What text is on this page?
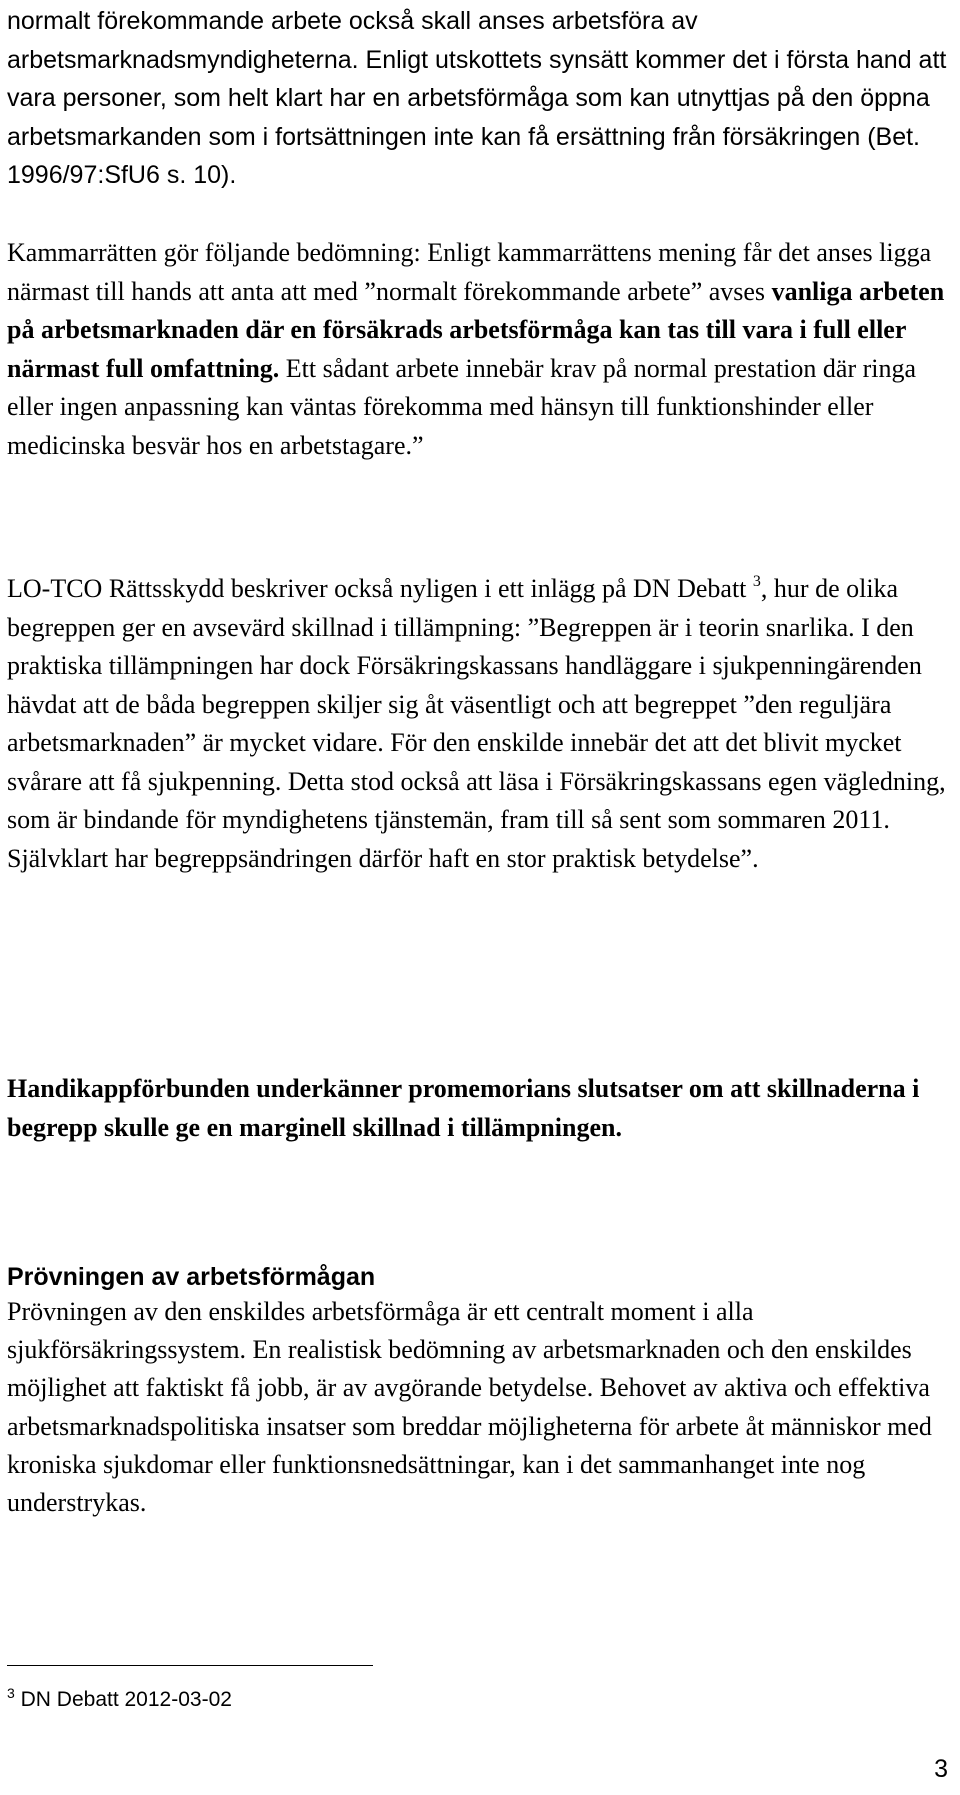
normalt förekommande arbete också skall anses arbetsföra av arbetsmarknadsmyndigheterna. Enligt utskottets synsätt kommer det i första hand att vara personer, som helt klart har en arbetsförmåga som kan utnyttjas på den öppna arbetsmarkanden som i fortsättningen inte kan få ersättning från försäkringen (Bet. 1996/97:SfU6 s. 10).

Kammarrätten gör följande bedömning: Enligt kammarrättens mening får det anses ligga närmast till hands att anta att med ”normalt förekommande arbete” avses vanliga arbeten på arbetsmarknaden där en försäkrads arbetsförmåga kan tas till vara i full eller närmast full omfattning. Ett sådant arbete innebär krav på normal prestation där ringa eller ingen anpassning kan väntas förekomma med hänsyn till funktionshinder eller medicinska besvär hos en arbetstagare.”

LO-TCO Rättsskydd beskriver också nyligen i ett inlägg på DN Debatt $^3$, hur de olika begreppen ger en avsevärd skillnad i tillämpning: ”Begreppen är i teorin snarlika. I den praktiska tillämpningen har dock Försäkringskassans handläggare i sjukpenningärenden hävdat att de båda begreppen skiljer sig åt väsentligt och att begreppet ”den reguljära arbetsmarknaden” är mycket vidare. För den enskilde innebär det att det blivit mycket svårare att få sjukpenning. Detta stod också att läsa i Försäkringskassans egen vägledning, som är bindande för myndighetens tjänstemän, fram till så sent som sommaren 2011. Självklart har begreppsändringen därför haft en stor praktisk betydelse”.

Handikappförbunden underkänner promemorians slutsatser om att skillnaderna i begrepp skulle ge en marginell skillnad i tillämpningen.

Prövningen av arbetsförmågan

Prövningen av den enskildes arbetsförmåga är ett centralt moment i alla sjukförsäkringssystem. En realistisk bedömning av arbetsmarknaden och den enskildes möjlighet att faktiskt få jobb, är av avgörande betydelse. Behovet av aktiva och effektiva arbetsmarknadspolitiska insatser som breddar möjligheterna för arbete åt människor med kroniska sjukdomar eller funktionsnedsättningar, kan i det sammanhanget inte nog understrykas.

$^3$ DN Debatt 2012-03-02

3
